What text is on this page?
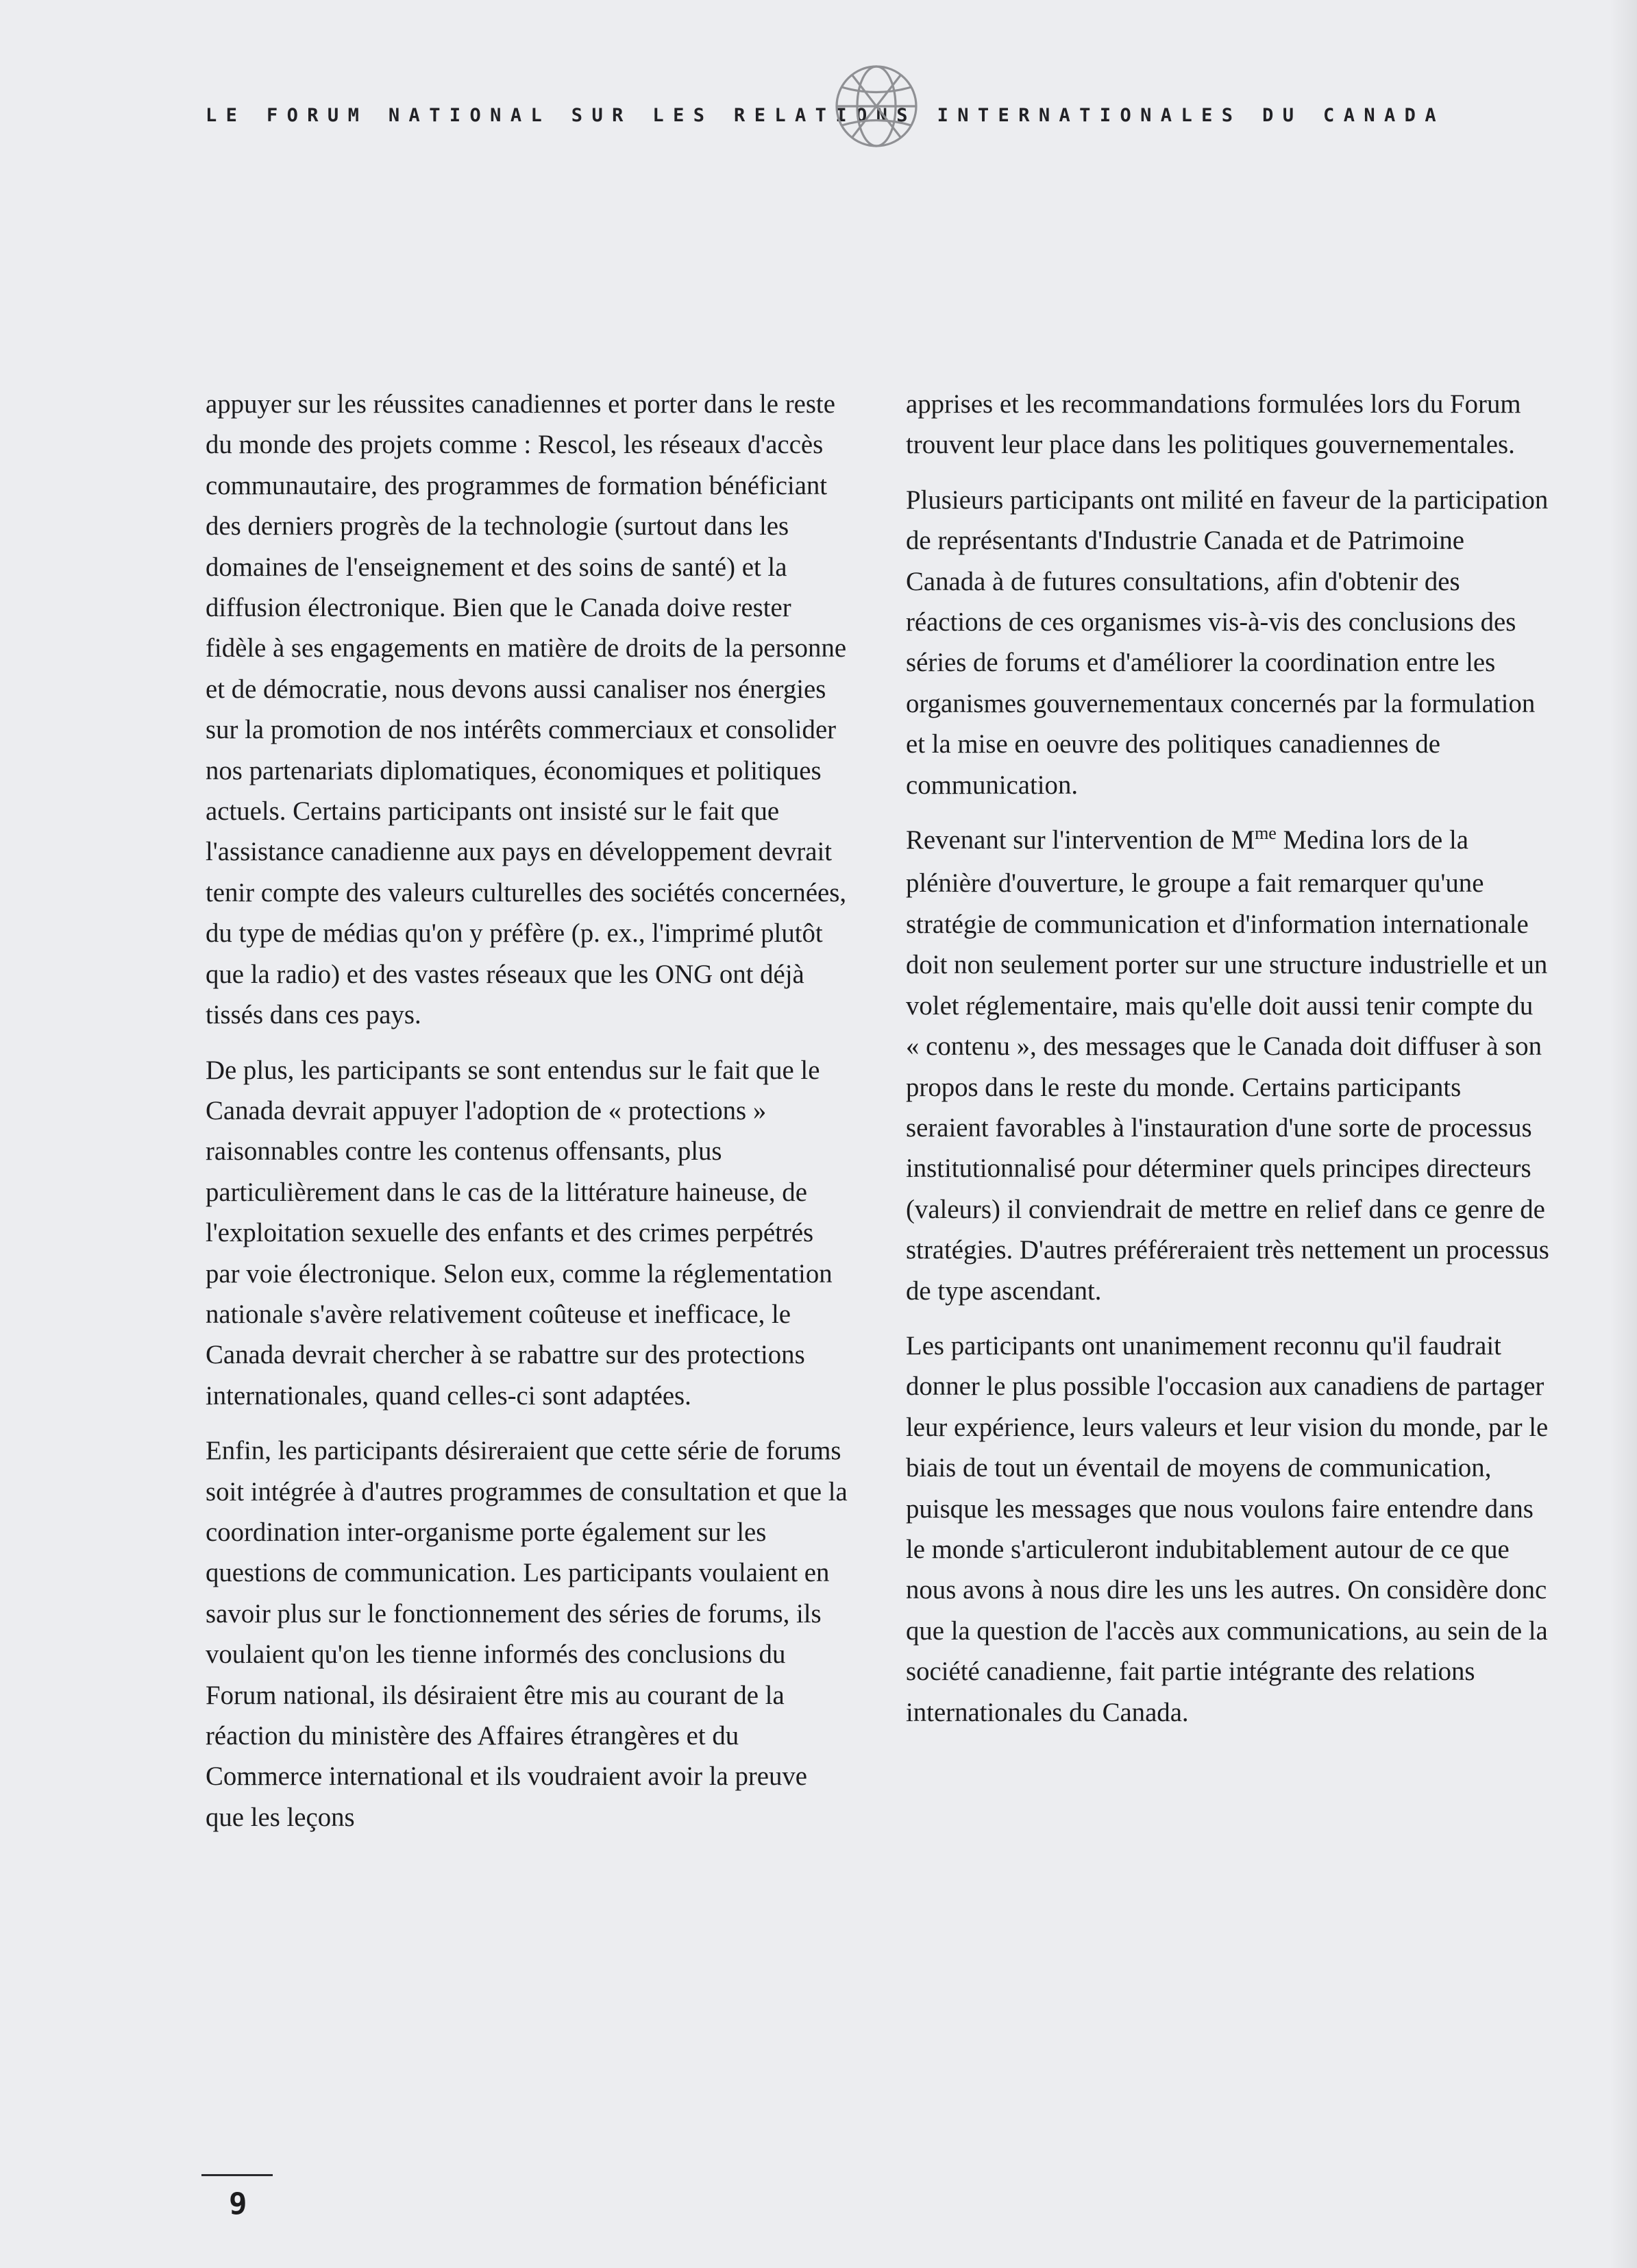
LE FORUM NATIONAL SUR LES RELATIONS INTERNATIONALES DU CANADA

appuyer sur les réussites canadiennes et porter dans le reste du monde des projets comme : Rescol, les réseaux d'accès communautaire, des programmes de formation bénéficiant des derniers progrès de la technologie (surtout dans les domaines de l'enseignement et des soins de santé) et la diffusion électronique. Bien que le Canada doive rester fidèle à ses engagements en matière de droits de la personne et de démocratie, nous devons aussi canaliser nos énergies sur la promotion de nos intérêts commerciaux et consolider nos partenariats diplomatiques, économiques et politiques actuels. Certains participants ont insisté sur le fait que l'assistance canadienne aux pays en développement devrait tenir compte des valeurs culturelles des sociétés concernées, du type de médias qu'on y préfère (p. ex., l'imprimé plutôt que la radio) et des vastes réseaux que les ONG ont déjà tissés dans ces pays.

De plus, les participants se sont entendus sur le fait que le Canada devrait appuyer l'adoption de « protections » raisonnables contre les contenus offensants, plus particulièrement dans le cas de la littérature haineuse, de l'exploitation sexuelle des enfants et des crimes perpétrés par voie électronique. Selon eux, comme la réglementation nationale s'avère relativement coûteuse et inefficace, le Canada devrait chercher à se rabattre sur des protections internationales, quand celles-ci sont adaptées.

Enfin, les participants désireraient que cette série de forums soit intégrée à d'autres programmes de consultation et que la coordination inter-organisme porte également sur les questions de communication. Les participants voulaient en savoir plus sur le fonctionnement des séries de forums, ils voulaient qu'on les tienne informés des conclusions du Forum national, ils désiraient être mis au courant de la réaction du ministère des Affaires étrangères et du Commerce international et ils voudraient avoir la preuve que les leçons

apprises et les recommandations formulées lors du Forum trouvent leur place dans les politiques gouvernementales.

Plusieurs participants ont milité en faveur de la participation de représentants d'Industrie Canada et de Patrimoine Canada à de futures consultations, afin d'obtenir des réactions de ces organismes vis-à-vis des conclusions des séries de forums et d'améliorer la coordination entre les organismes gouvernementaux concernés par la formulation et la mise en oeuvre des politiques canadiennes de communication.

Revenant sur l'intervention de $M^{me}$ Medina lors de la plénière d'ouverture, le groupe a fait remarquer qu'une stratégie de communication et d'information internationale doit non seulement porter sur une structure industrielle et un volet réglementaire, mais qu'elle doit aussi tenir compte du « contenu », des messages que le Canada doit diffuser à son propos dans le reste du monde. Certains participants seraient favorables à l'instauration d'une sorte de processus institutionnalisé pour déterminer quels principes directeurs (valeurs) il conviendrait de mettre en relief dans ce genre de stratégies. D'autres préféreraient très nettement un processus de type ascendant.

Les participants ont unanimement reconnu qu'il faudrait donner le plus possible l'occasion aux canadiens de partager leur expérience, leurs valeurs et leur vision du monde, par le biais de tout un éventail de moyens de communication, puisque les messages que nous voulons faire entendre dans le monde s'articuleront indubitablement autour de ce que nous avons à nous dire les uns les autres. On considère donc que la question de l'accès aux communications, au sein de la société canadienne, fait partie intégrante des relations internationales du Canada.

9
